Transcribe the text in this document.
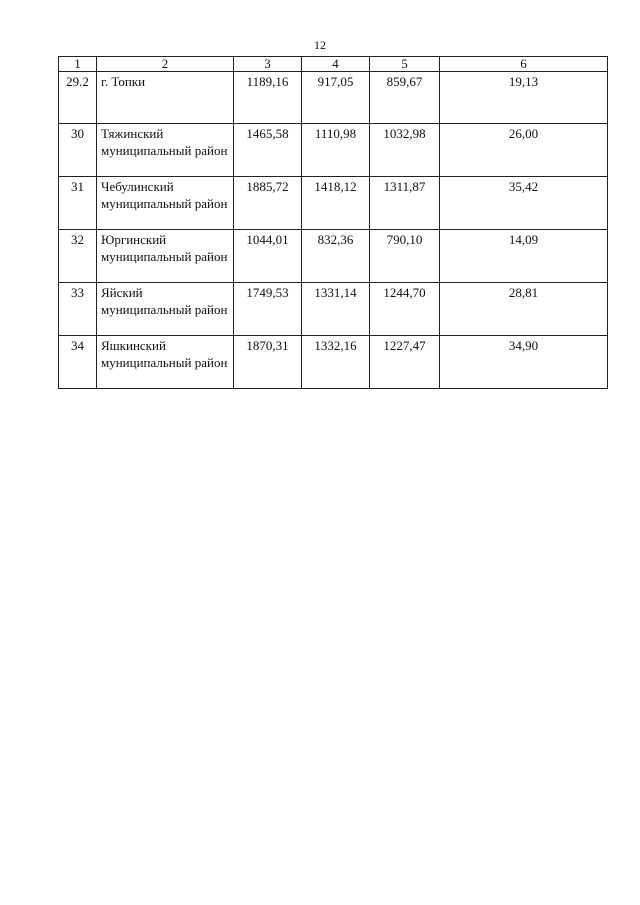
12
1	2	3	4	5	6
29.2	г. Топки	1189,16	917,05	859,67	19,13
30	Тяжинский муниципальный район	1465,58	1110,98	1032,98	26,00
31	Чебулинский муниципальный район	1885,72	1418,12	1311,87	35,42
32	Юргинский муниципальный район	1044,01	832,36	790,10	14,09
33	Яйский муниципальный район	1749,53	1331,14	1244,70	28,81
34	Яшкинский муниципальный район	1870,31	1332,16	1227,47	34,90
